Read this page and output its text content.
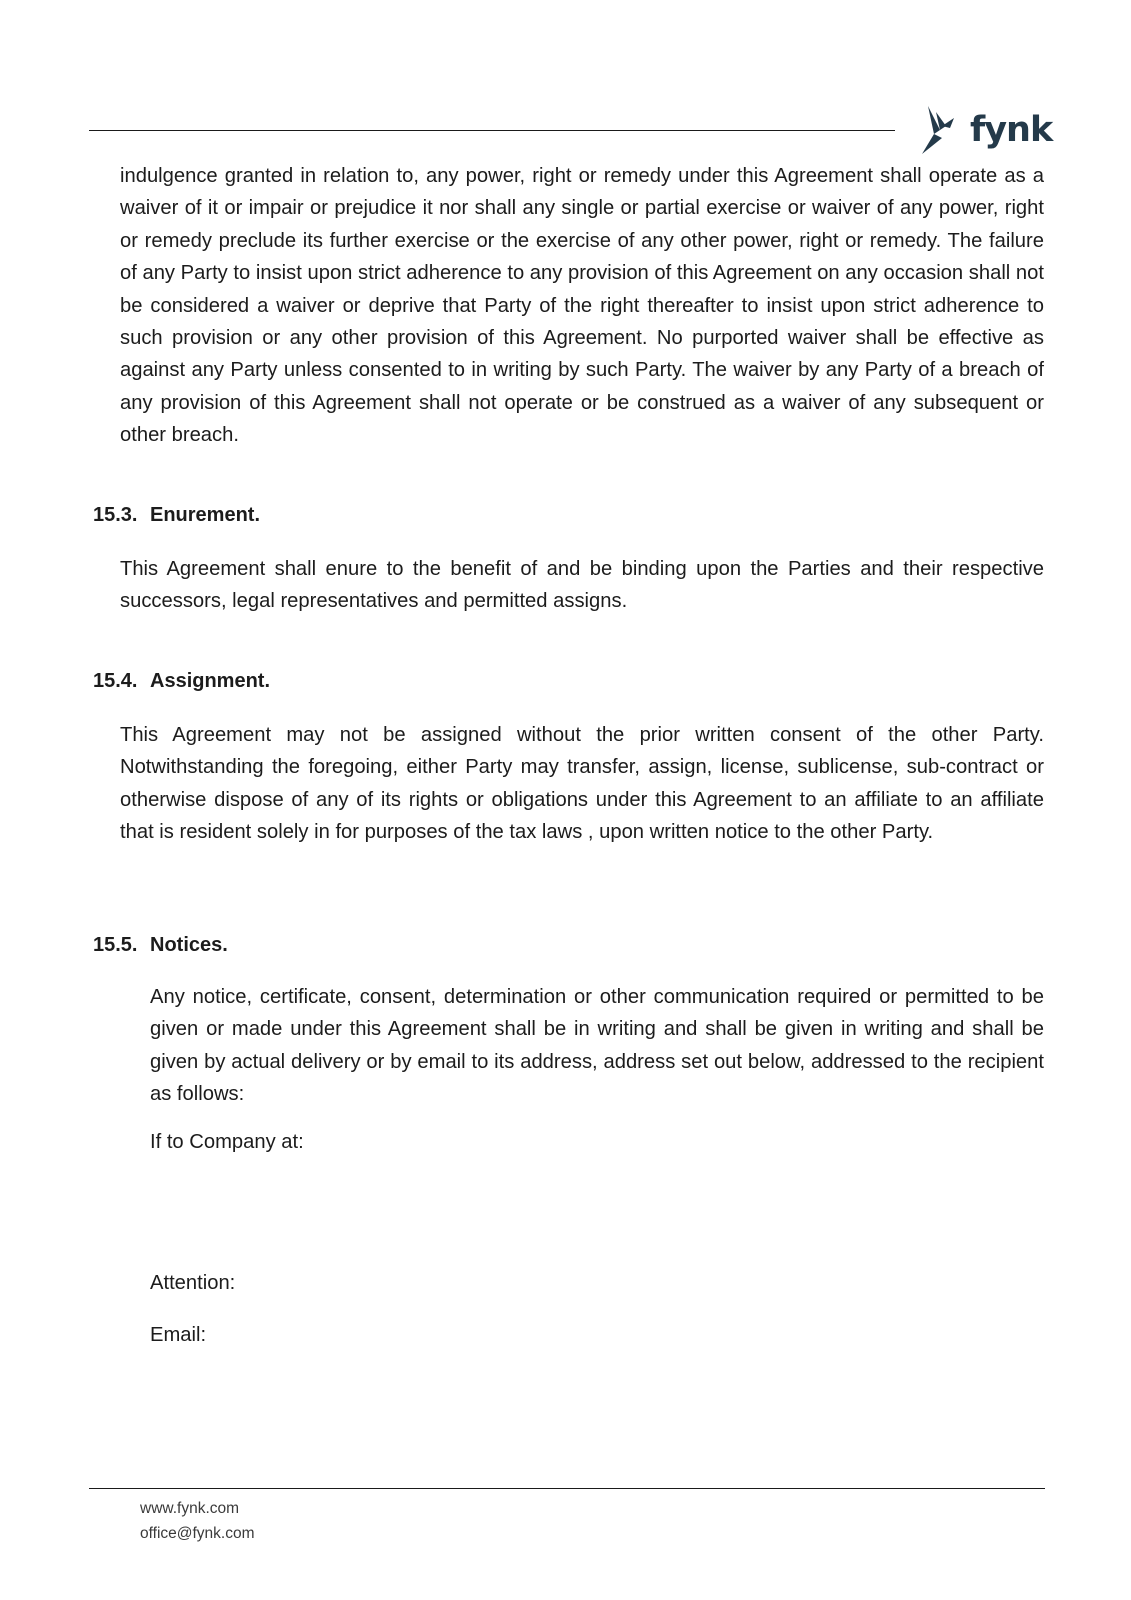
fynk

indulgence granted in relation to, any power, right or remedy under this Agreement shall operate as a waiver of it or impair or prejudice it nor shall any single or partial exercise or waiver of any power, right or remedy preclude its further exercise or the exercise of any other power, right or remedy. The failure of any Party to insist upon strict adherence to any provision of this Agreement on any occasion shall not be considered a waiver or deprive that Party of the right thereafter to insist upon strict adherence to such provision or any other provision of this Agreement. No purported waiver shall be effective as against any Party unless consented to in writing by such Party. The waiver by any Party of a breach of any provision of this Agreement shall not operate or be construed as a waiver of any subsequent or other breach.

15.3. Enurement.

This Agreement shall enure to the benefit of and be binding upon the Parties and their respective successors, legal representatives and permitted assigns.

15.4. Assignment.

This Agreement may not be assigned without the prior written consent of the other Party. Notwithstanding the foregoing, either Party may transfer, assign, license, sublicense, sub-contract or otherwise dispose of any of its rights or obligations under this Agreement to an affiliate to an affiliate that is resident solely in for purposes of the tax laws , upon written notice to the other Party.

15.5. Notices.

Any notice, certificate, consent, determination or other communication required or permitted to be given or made under this Agreement shall be in writing and shall be given in writing and shall be given by actual delivery or by email to its address, address set out below, addressed to the recipient as follows:

If to Company at:

Attention:

Email:

www.fynk.com
office@fynk.com
